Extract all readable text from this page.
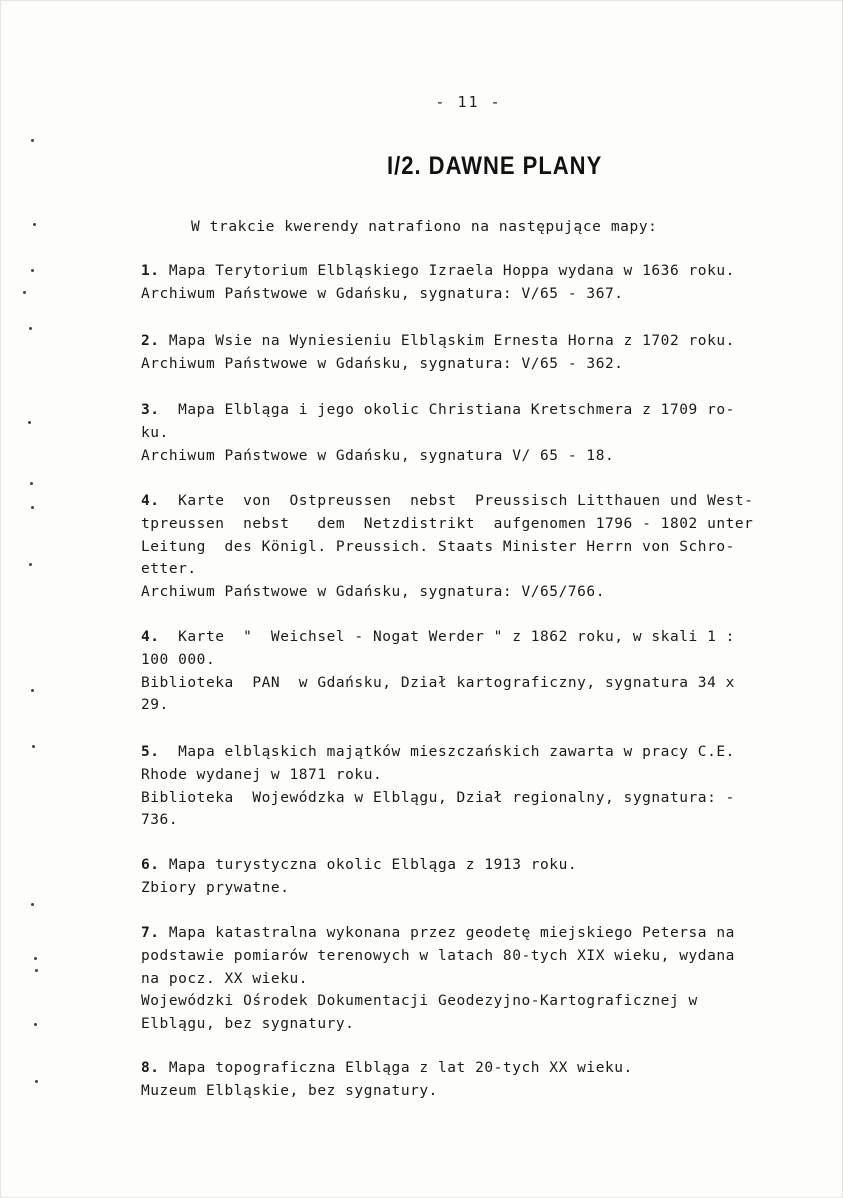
- 11 -
I/2. DAWNE PLANY
W trakcie kwerendy natrafiono na następujące mapy:

1. Mapa Terytorium Elbląskiego Izraela Hoppa wydana w 1636 roku.

Archiwum Państwowe w Gdańsku, sygnatura: V/65 - 367.

2. Mapa Wsie na Wyniesieniu Elbląskim Ernesta Horna z 1702 roku.

Archiwum Państwowe w Gdańsku, sygnatura: V/65 - 362.

3.  Mapa Elbląga i jego okolic Christiana Kretschmera z 1709 ro-

ku.

Archiwum Państwowe w Gdańsku, sygnatura V/ 65 - 18.

4.  Karte  von  Ostpreussen  nebst  Preussisch Litthauen und West-

tpreussen  nebst   dem  Netzdistrikt  aufgenomen 1796 - 1802 unter

Leitung  des Königl. Preussich. Staats Minister Herrn von Schro-

etter.

Archiwum Państwowe w Gdańsku, sygnatura: V/65/766.

4.  Karte  "  Weichsel - Nogat Werder " z 1862 roku, w skali 1 :

100 000.

Biblioteka  PAN  w Gdańsku, Dział kartograficzny, sygnatura 34 x

29.

5.  Mapa elbląskich majątków mieszczańskich zawarta w pracy C.E.

Rhode wydanej w 1871 roku.

Biblioteka  Wojewódzka w Elblągu, Dział regionalny, sygnatura: -

736.

6. Mapa turystyczna okolic Elbląga z 1913 roku.

Zbiory prywatne.

7. Mapa katastralna wykonana przez geodetę miejskiego Petersa na

podstawie pomiarów terenowych w latach 80-tych XIX wieku, wydana

na pocz. XX wieku.

Wojewódzki Ośrodek Dokumentacji Geodezyjno-Kartograficznej w

Elblągu, bez sygnatury.

8. Mapa topograficzna Elbląga z lat 20-tych XX wieku.

Muzeum Elbląskie, bez sygnatury.
